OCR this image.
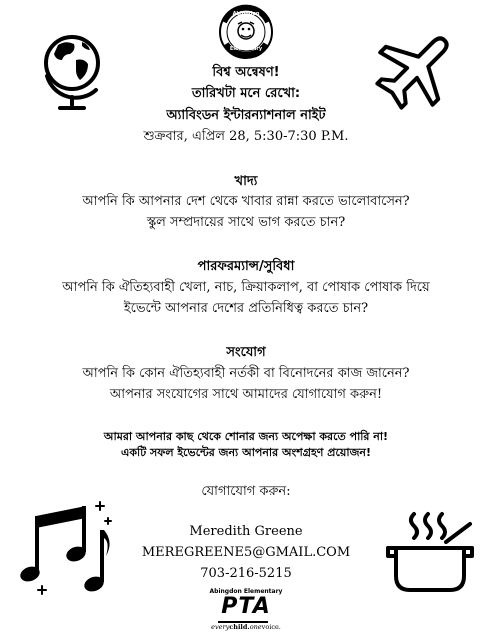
Abingdon
Elementary
বিশ্ব অন্বেষণ!
তারিখটা মনে রেখো:
অ্যাবিংডন ইন্টারন্যাশনাল নাইট
শুক্রবার, এপ্রিল 28, 5:30-7:30 P.M.
খাদ্য
আপনি কি আপনার দেশ থেকে খাবার রান্না করতে ভালোবাসেন?
স্কুল সম্প্রদায়ের সাথে ভাগ করতে চান?
পারফরম্যান্স/সুবিধা
আপনি কি ঐতিহ্যবাহী খেলা, নাচ, ক্রিয়াকলাপ, বা পোষাক পোষাক দিয়ে
ইভেন্টে আপনার দেশের প্রতিনিধিত্ব করতে চান?
সংযোগ
আপনি কি কোন ঐতিহ্যবাহী নর্তকী বা বিনোদনের কাজ জানেন?
আপনার সংযোগের সাথে আমাদের যোগাযোগ করুন!
আমরা আপনার কাছ থেকে শোনার জন্য অপেক্ষা করতে পারি না!
একটি সফল ইভেন্টের জন্য আপনার অংশগ্রহণ প্রয়োজন!
যোগাযোগ করুন:
Meredith Greene
MEREGREENE5@GMAIL.COM
703-216-5215
Abingdon Elementary
PTA
everychild.onevoice.
